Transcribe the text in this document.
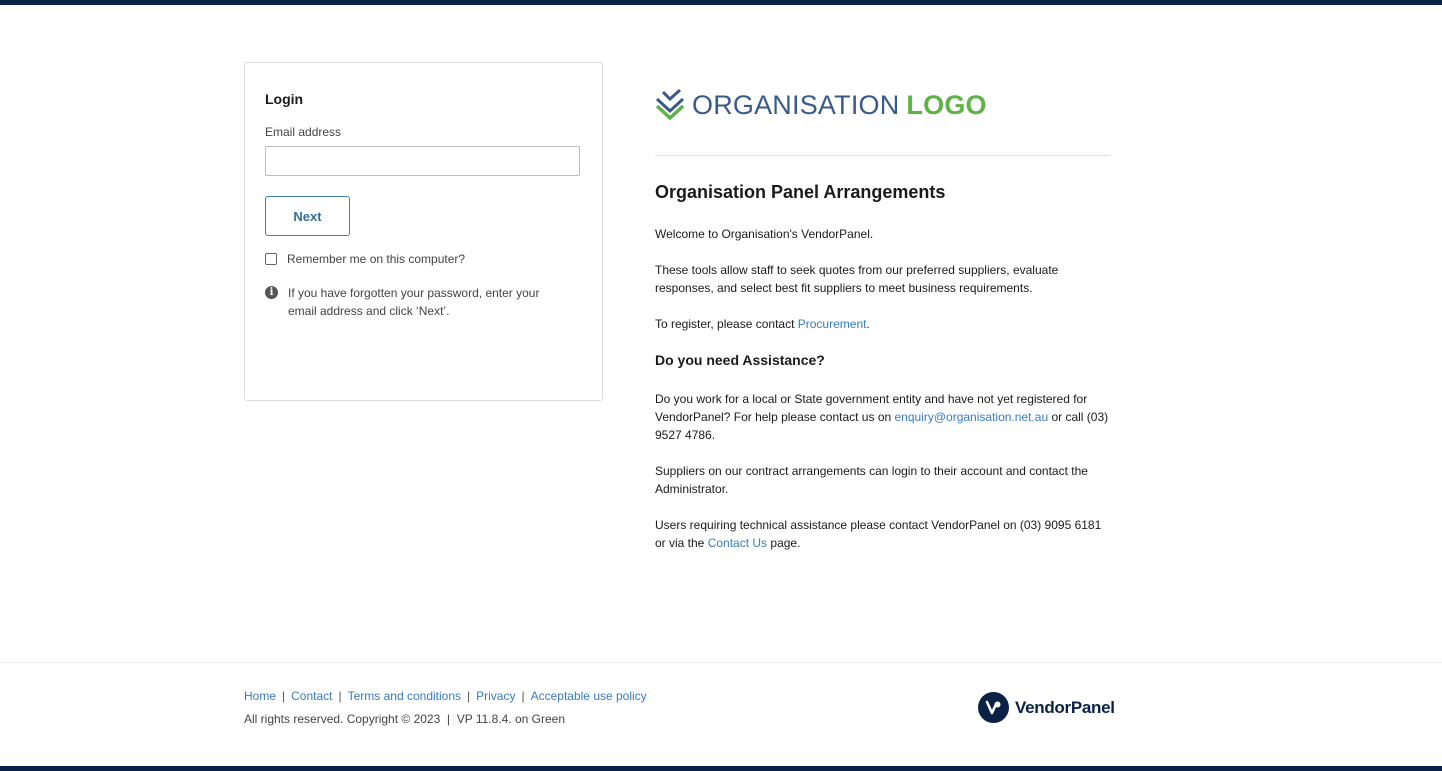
Login
Email address
Next
Remember me on this computer?
i	If you have forgotten your password, enter your email address and click ‘Next’.
ORGANISATION LOGO
Organisation Panel Arrangements

Welcome to Organisation's VendorPanel.

These tools allow staff to seek quotes from our preferred suppliers, evaluate responses, and select best fit suppliers to meet business requirements.

To register, please contact Procurement.

Do you need Assistance?

Do you work for a local or State government entity and have not yet registered for VendorPanel? For help please contact us on enquiry@organisation.net.au or call (03) 9527 4786.

Suppliers on our contract arrangements can login to their account and contact the Administrator.

Users requiring technical assistance please contact VendorPanel on (03) 9095 6181 or via the Contact Us page.

Home | Contact | Terms and conditions | Privacy | Acceptable use policy
All rights reserved. Copyright © 2023  |  VP 11.8.4. on Green
VendorPanel
